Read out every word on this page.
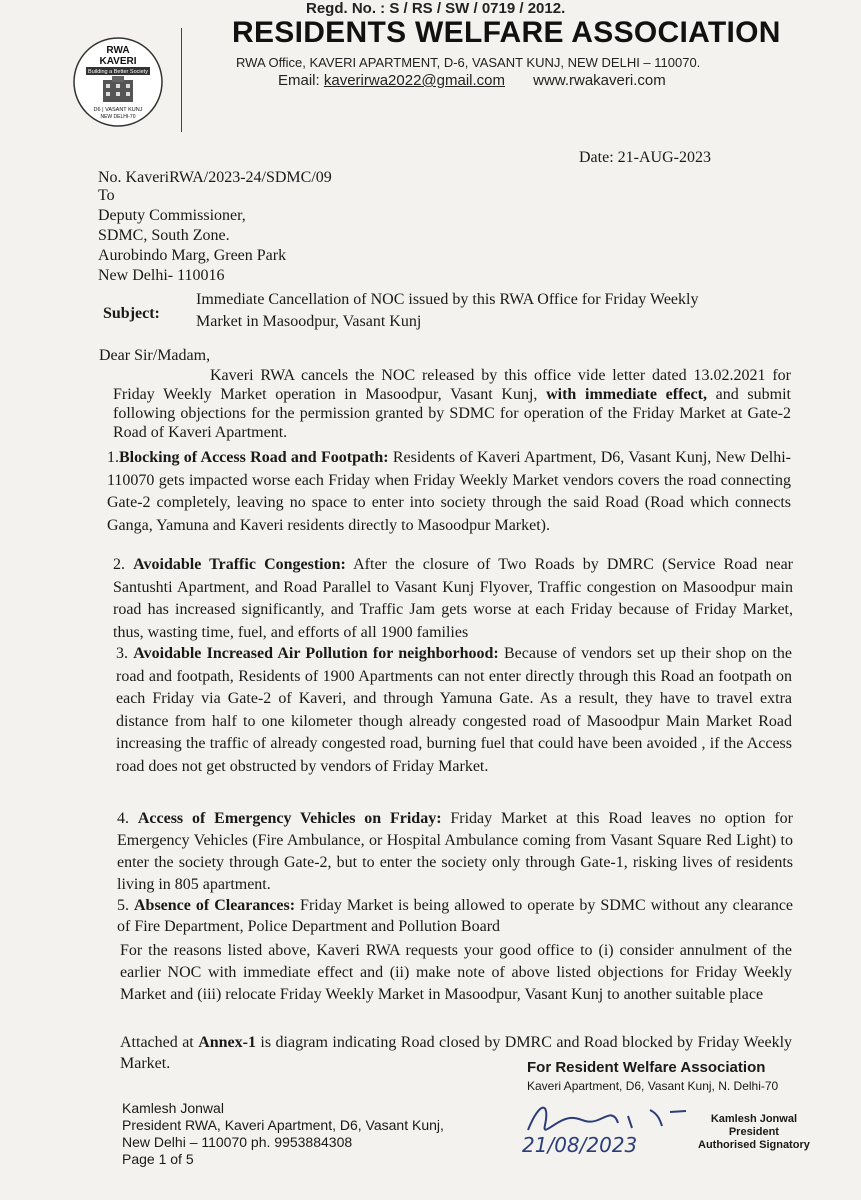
Regd. No. : S / RS / SW / 0719 / 2012.
RESIDENTS WELFARE ASSOCIATION
RWA Office, KAVERI APARTMENT, D-6, VASANT KUNJ, NEW DELHI – 110070.
Email: kaverirwa2022@gmail.com www.rwakaveri.com
RWA
KAVERI
Building a Better Society
D6 | VASANT KUNJ
NEW DELHI-70
No. KaveriRWA/2023-24/SDMC/09
Date: 21-AUG-2023
To
Deputy Commissioner,
SDMC, South Zone.
Aurobindo Marg, Green Park
New Delhi- 110016
Subject:
Immediate Cancellation of NOC issued by this RWA Office for Friday Weekly
Market in Masoodpur, Vasant Kunj
Dear Sir/Madam,
Kaveri RWA cancels the NOC released by this office vide letter dated 13.02.2021 for Friday Weekly Market operation in Masoodpur, Vasant Kunj, with immediate effect, and submit following objections for the permission granted by SDMC for operation of the Friday Market at Gate-2 Road of Kaveri Apartment.
1.Blocking of Access Road and Footpath: Residents of Kaveri Apartment, D6, Vasant Kunj, New Delhi-110070 gets impacted worse each Friday when Friday Weekly Market vendors covers the road connecting Gate-2 completely, leaving no space to enter into society through the said Road (Road which connects Ganga, Yamuna and Kaveri residents directly to Masoodpur Market).
2. Avoidable Traffic Congestion: After the closure of Two Roads by DMRC (Service Road near Santushti Apartment, and Road Parallel to Vasant Kunj Flyover, Traffic congestion on Masoodpur main road has increased significantly, and Traffic Jam gets worse at each Friday because of Friday Market, thus, wasting time, fuel, and efforts of all 1900 families
3. Avoidable Increased Air Pollution for neighborhood: Because of vendors set up their shop on the road and footpath, Residents of 1900 Apartments can not enter directly through this Road an footpath on each Friday via Gate-2 of Kaveri, and through Yamuna Gate. As a result, they have to travel extra distance from half to one kilometer though already congested road of Masoodpur Main Market Road increasing the traffic of already congested road, burning fuel that could have been avoided , if the Access road does not get obstructed by vendors of Friday Market.
4. Access of Emergency Vehicles on Friday: Friday Market at this Road leaves no option for Emergency Vehicles (Fire Ambulance, or Hospital Ambulance coming from Vasant Square Red Light) to enter the society through Gate-2, but to enter the society only through Gate-1, risking lives of residents living in 805 apartment.
5. Absence of Clearances: Friday Market is being allowed to operate by SDMC without any clearance of Fire Department, Police Department and Pollution Board
For the reasons listed above, Kaveri RWA requests your good office to (i) consider annulment of the earlier NOC with immediate effect and (ii) make note of above listed objections for Friday Weekly Market and (iii) relocate Friday Weekly Market in Masoodpur, Vasant Kunj to another suitable place
Attached at Annex-1 is diagram indicating Road closed by DMRC and Road blocked by Friday Weekly Market.
Kamlesh Jonwal
President RWA, Kaveri Apartment, D6, Vasant Kunj,
New Delhi – 110070 ph. 9953884308
Page 1 of 5
For Resident Welfare Association
Kaveri Apartment, D6, Vasant Kunj, N. Delhi-70
21/08/2023
Kamlesh Jonwal
President
Authorised Signatory
